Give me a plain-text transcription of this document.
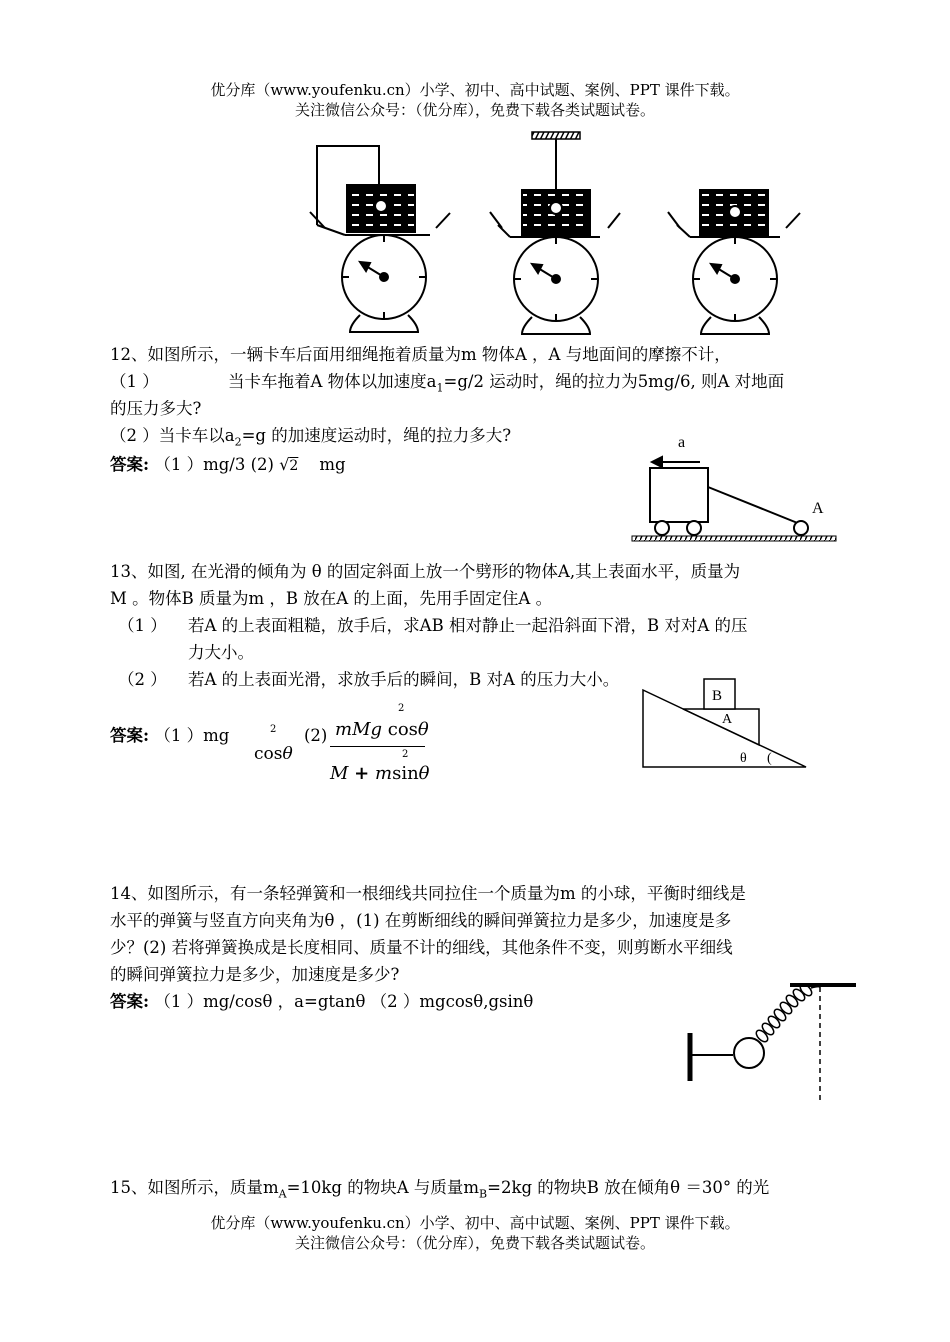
优分库（www.youfenku.cn）小学、初中、高中试题、案例、PPT 课件下载。
关注微信公众号：（优分库），免费下载各类试题试卷。
12、如图所示，一辆卡车后面用细绳拖着质量为m 物体A ，A 与地面间的摩擦不计，
（1 ）	当卡车拖着A 物体以加速度$a_1=g/2$ 运动时，绳的拉力为5mg/6, 则A 对地面
的压力多大?
（2 ）当卡车以$a_2=g$ 的加速度运动时，绳的拉力多大?
答案: （1 ）mg/3 (2) √2 mg
a
A
13、如图, 在光滑的倾角为 θ 的固定斜面上放一个劈形的物体A,其上表面水平，质量为
M 。物体B 质量为m ，B 放在A 的上面，先用手固定住A 。
（1 ） 若A 的上表面粗糙，放手后，求AB 相对静止一起沿斜面下滑，B 对对A 的压
力大小。
（2 ） 若A 的上表面光滑，求放手后的瞬间，B 对A 的压力大小。
答案: （1 ）mg	2
cosθ
(2)
2
mMg cosθ
2
M + msinθ
B
A
θ (
14、如图所示，有一条轻弹簧和一根细线共同拉住一个质量为m 的小球，平衡时细线是
水平的弹簧与竖直方向夹角为θ ，(1) 在剪断细线的瞬间弹簧拉力是多少，加速度是多
少？(2) 若将弹簧换成是长度相同、质量不计的细线，其他条件不变，则剪断水平细线
的瞬间弹簧拉力是多少，加速度是多少?
答案: （1 ）mg/cosθ ，a=gtanθ （2 ）mgcosθ,gsinθ
15、如图所示，质量$m_A=10kg$ 的物块A 与质量$m_B=2kg$ 的物块B 放在倾角θ ＝30° 的光
优分库（www.youfenku.cn）小学、初中、高中试题、案例、PPT 课件下载。
关注微信公众号：（优分库），免费下载各类试题试卷。
